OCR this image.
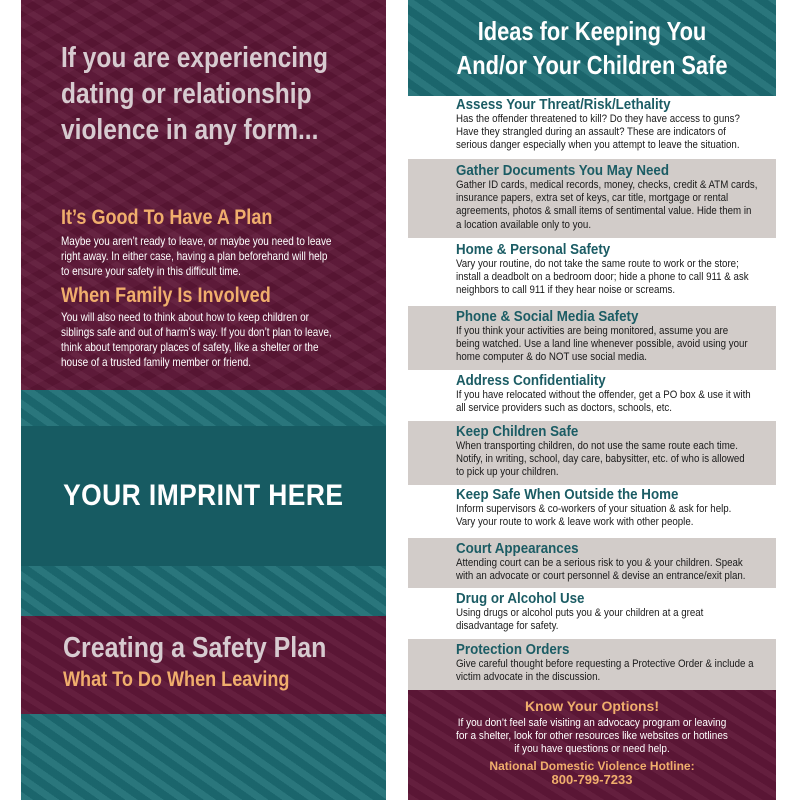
YOUR IMPRINT HERE
If you are experiencing
dating or relationship
violence in any form...
It’s Good To Have A Plan
Maybe you aren’t ready to leave, or maybe you need to leave
right away. In either case, having a plan beforehand will help
to ensure your safety in this difficult time.
When Family Is Involved
You will also need to think about how to keep children or
siblings safe and out of harm’s way. If you don’t plan to leave,
think about temporary places of safety, like a shelter or the
house of a trusted family member or friend.
Creating a Safety Plan
What To Do When Leaving
Ideas for Keeping You
And/or Your Children Safe
Assess Your Threat/Risk/Lethality
Has the offender threatened to kill? Do they have access to guns?
Have they strangled during an assault? These are indicators of
serious danger especially when you attempt to leave the situation.
Gather Documents You May Need
Gather ID cards, medical records, money, checks, credit & ATM cards,
insurance papers, extra set of keys, car title, mortgage or rental
agreements, photos & small items of sentimental value. Hide them in
a location available only to you.
Home & Personal Safety
Vary your routine, do not take the same route to work or the store;
install a deadbolt on a bedroom door; hide a phone to call 911 & ask
neighbors to call 911 if they hear noise or screams.
Phone & Social Media Safety
If you think your activities are being monitored, assume you are
being watched. Use a land line whenever possible, avoid using your
home computer & do NOT use social media.
Address Confidentiality
If you have relocated without the offender, get a PO box & use it with
all service providers such as doctors, schools, etc.
Keep Children Safe
When transporting children, do not use the same route each time.
Notify, in writing, school, day care, babysitter, etc. of who is allowed
to pick up your children.
Keep Safe When Outside the Home
Inform supervisors & co-workers of your situation & ask for help.
Vary your route to work & leave work with other people.
Court Appearances
Attending court can be a serious risk to you & your children. Speak
with an advocate or court personnel & devise an entrance/exit plan.
Drug or Alcohol Use
Using drugs or alcohol puts you & your children at a great
disadvantage for safety.
Protection Orders
Give careful thought before requesting a Protective Order & include a
victim advocate in the discussion.
Know Your Options!
If you don’t feel safe visiting an advocacy program or leaving
for a shelter, look for other resources like websites or hotlines
if you have questions or need help.
National Domestic Violence Hotline:
800-799-7233
